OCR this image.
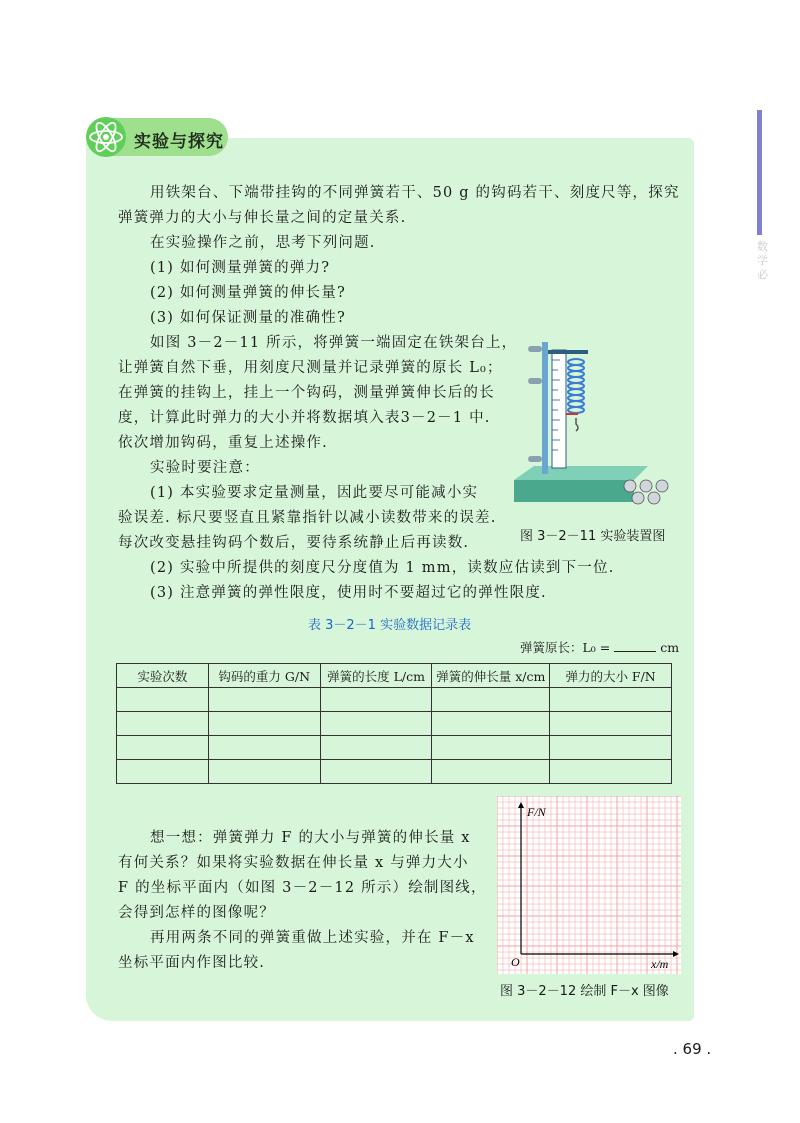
数
学
必
实验与探究
用铁架台、下端带挂钩的不同弹簧若干、50 g 的钩码若干、刻度尺等，探究
弹簧弹力的大小与伸长量之间的定量关系.
在实验操作之前，思考下列问题.
(1) 如何测量弹簧的弹力?
(2) 如何测量弹簧的伸长量?
(3) 如何保证测量的准确性?
如图 3－2－11 所示，将弹簧一端固定在铁架台上，
让弹簧自然下垂，用刻度尺测量并记录弹簧的原长 L₀；
在弹簧的挂钩上，挂上一个钩码，测量弹簧伸长后的长
度，计算此时弹力的大小并将数据填入表3－2－1 中.
依次增加钩码，重复上述操作.
实验时要注意：
(1) 本实验要求定量测量，因此要尽可能减小实
验误差. 标尺要竖直且紧靠指针以减小读数带来的误差.
每次改变悬挂钩码个数后，要待系统静止后再读数.
(2) 实验中所提供的刻度尺分度值为 1 mm，读数应估读到下一位.
(3) 注意弹簧的弹性限度，使用时不要超过它的弹性限度.
图 3－2－11 实验装置图
表 3－2－1 实验数据记录表
弹簧原长：L₀ =	cm
实验次数	钩码的重力 G/N	弹簧的长度 L/cm	弹簧的伸长量 x/cm	弹力的大小 F/N

想一想：弹簧弹力 F 的大小与弹簧的伸长量 x
有何关系？如果将实验数据在伸长量 x 与弹力大小
F 的坐标平面内（如图 3－2－12 所示）绘制图线，
会得到怎样的图像呢？
再用两条不同的弹簧重做上述实验，并在 F－x
坐标平面内作图比较.
F/N
x/m
O
图 3－2－12 绘制 F－x 图像
. 69 .
